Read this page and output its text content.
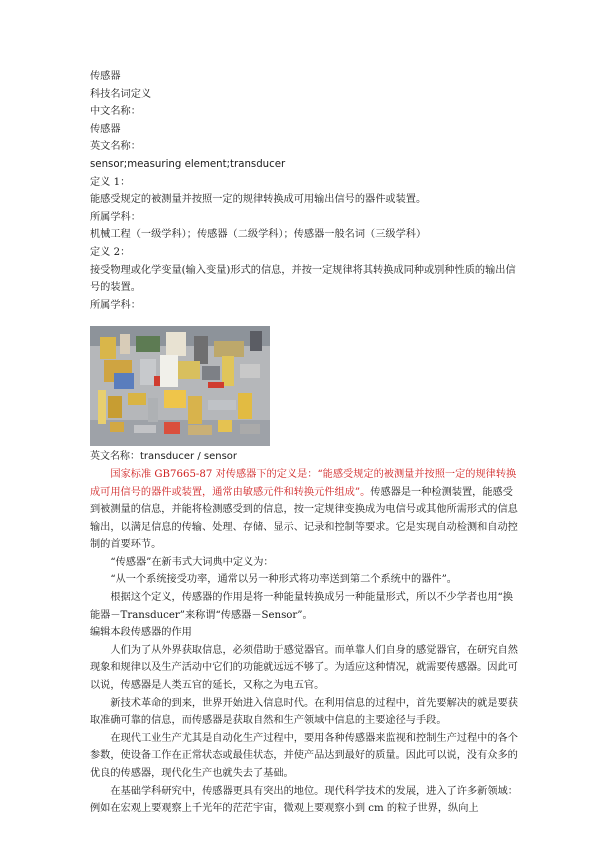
传感器
科技名词定义
中文名称：
传感器
英文名称：
sensor;measuring element;transducer
定义 1：
能感受规定的被测量并按照一定的规律转换成可用输出信号的器件或装置。
所属学科：
机械工程（一级学科）；传感器（二级学科）；传感器一般名词（三级学科）
定义 2：
接受物理或化学变量(输入变量)形式的信息，并按一定规律将其转换成同种或别种性质的输出信号的装置。
所属学科：
英文名称：transducer / sensor
国家标准 GB7665-87 对传感器下的定义是：“能感受规定的被测量并按照一定的规律转换成可用信号的器件或装置，通常由敏感元件和转换元件组成”。传感器是一种检测装置，能感受到被测量的信息，并能将检测感受到的信息，按一定规律变换成为电信号或其他所需形式的信息输出，以满足信息的传输、处理、存储、显示、记录和控制等要求。它是实现自动检测和自动控制的首要环节。
“传感器”在新韦式大词典中定义为：
“从一个系统接受功率，通常以另一种形式将功率送到第二个系统中的器件”。
根据这个定义，传感器的作用是将一种能量转换成另一种能量形式，所以不少学者也用“换能器－Transducer”来称谓“传感器－Sensor”。
编辑本段传感器的作用
人们为了从外界获取信息，必须借助于感觉器官。而单靠人们自身的感觉器官，在研究自然现象和规律以及生产活动中它们的功能就远远不够了。为适应这种情况，就需要传感器。因此可以说，传感器是人类五官的延长，又称之为电五官。
新技术革命的到来，世界开始进入信息时代。在利用信息的过程中，首先要解决的就是要获取准确可靠的信息，而传感器是获取自然和生产领域中信息的主要途径与手段。
在现代工业生产尤其是自动化生产过程中，要用各种传感器来监视和控制生产过程中的各个参数，使设备工作在正常状态或最佳状态，并使产品达到最好的质量。因此可以说，没有众多的优良的传感器，现代化生产也就失去了基础。
在基础学科研究中，传感器更具有突出的地位。现代科学技术的发展，进入了许多新领域：例如在宏观上要观察上千光年的茫茫宇宙，微观上要观察小到 cm 的粒子世界，纵向上
